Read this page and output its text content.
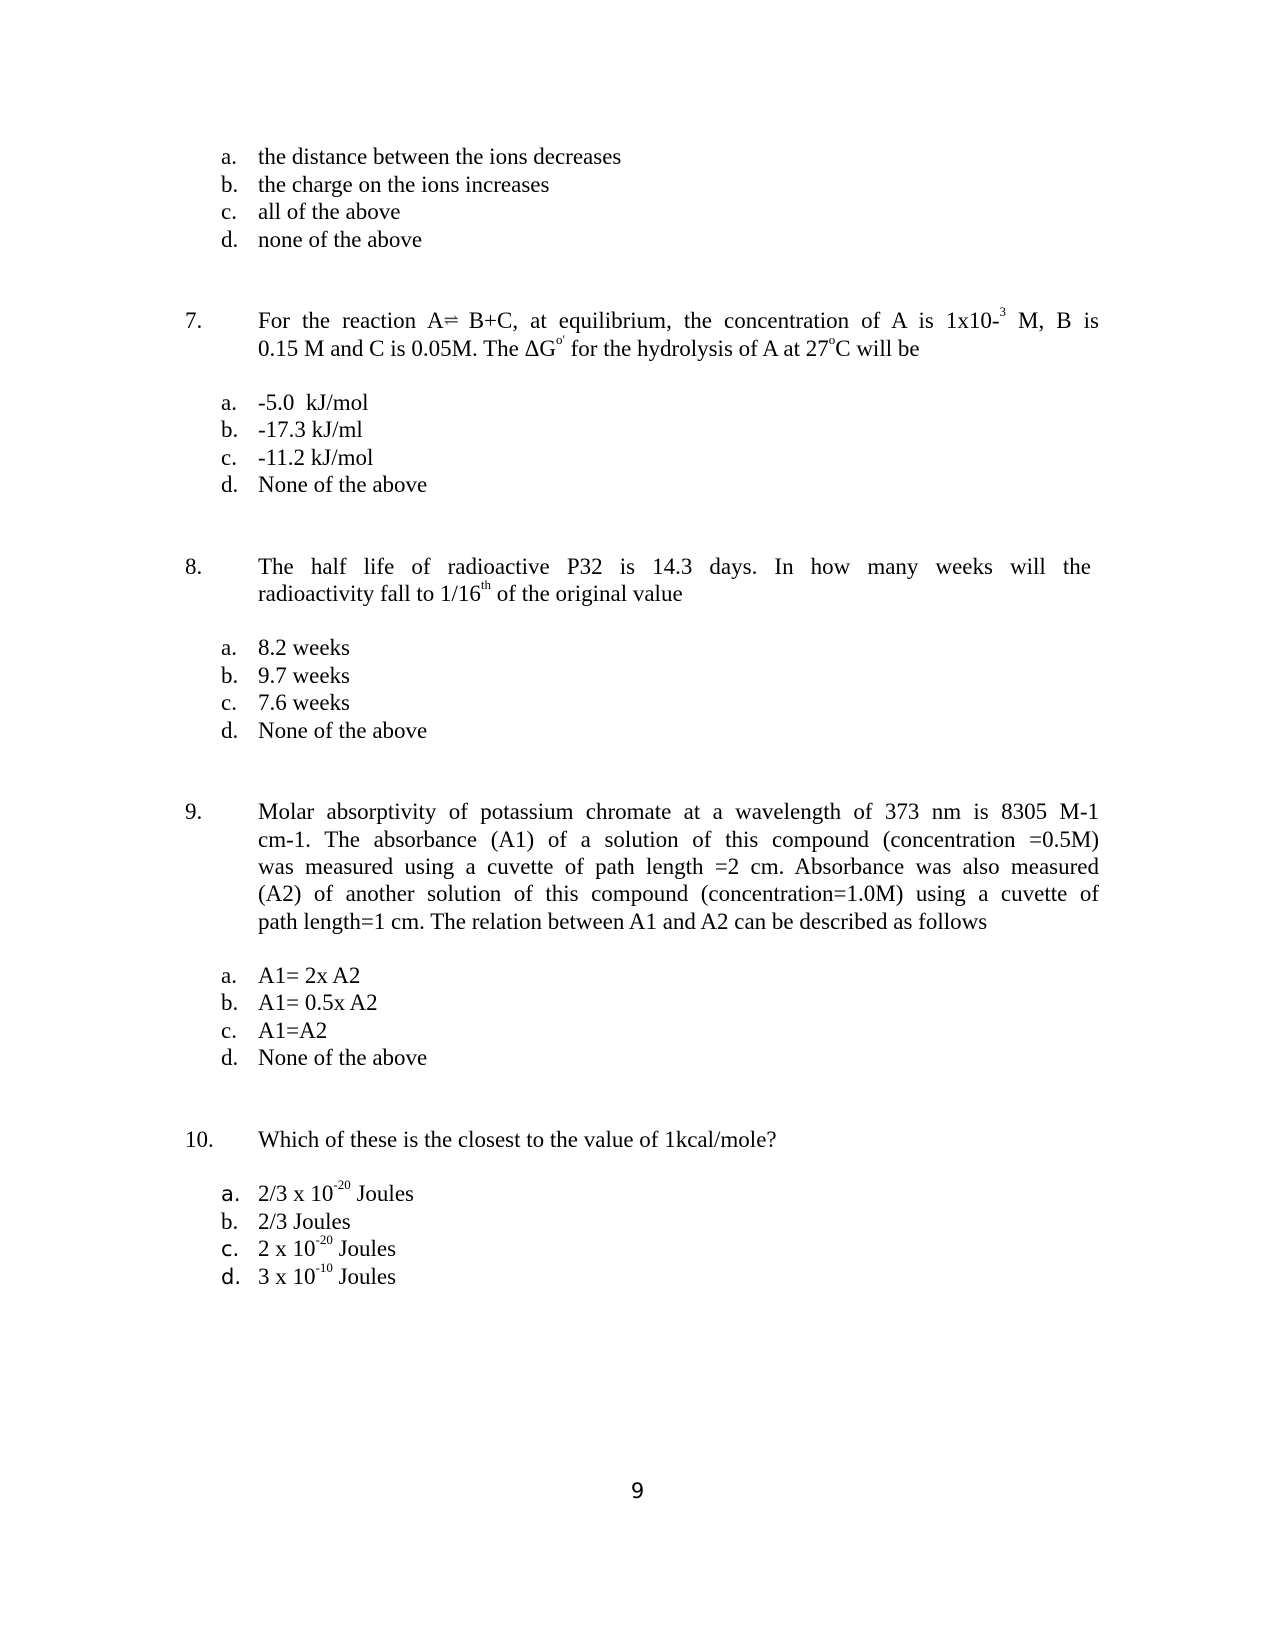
a. the distance between the ions decreases
b. the charge on the ions increases
c. all of the above
d. none of the above
7. For the reaction A⇌ B+C, at equilibrium, the concentration of A is 1x10-$^3$ M, B is
0.15 M and C is 0.05M. The $\Delta G^{o'}$ for the hydrolysis of A at 27$^o$C will be
a. -5.0  kJ/mol
b. -17.3 kJ/ml
c. -11.2 kJ/mol
d. None of the above
8. The half life of radioactive P32 is 14.3 days. In how many weeks will the
radioactivity fall to 1/16th of the original value
a. 8.2 weeks
b. 9.7 weeks
c. 7.6 weeks
d. None of the above
9. Molar absorptivity of potassium chromate at a wavelength of 373 nm is 8305 M-1
cm-1. The absorbance (A1) of a solution of this compound (concentration =0.5M)
was measured using a cuvette of path length =2 cm. Absorbance was also measured
(A2) of another solution of this compound (concentration=1.0M) using a cuvette of
path length=1 cm. The relation between A1 and A2 can be described as follows
a. A1= 2x A2
b. A1= 0.5x A2
c. A1=A2
d. None of the above
10. Which of these is the closest to the value of 1kcal/mole?
a. 2/3 x $10^{-20}$ Joules
b. 2/3 Joules
c. 2 x $10^{-20}$ Joules
d. 3 x $10^{-10}$ Joules
9
